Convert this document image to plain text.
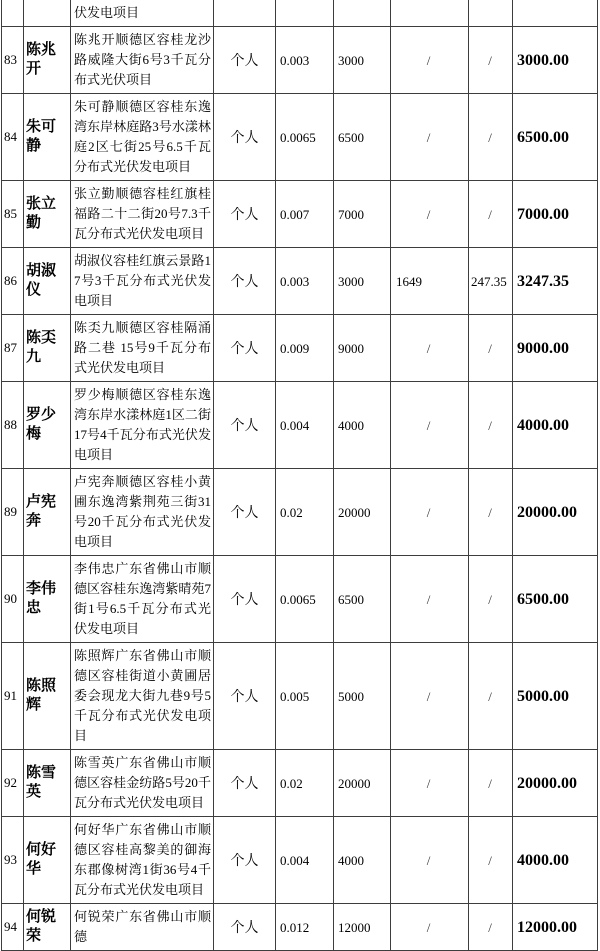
		伏发电项目						
83	陈兆开	陈兆开顺德区容桂龙沙路威隆大街6号3千瓦分布式光伏项目	个人	0.003	3000	/	/	3000.00
84	朱可静	朱可静顺德区容桂东逸湾东岸林庭路3号水漾林庭2区七街25号6.5千瓦分布式光伏发电项目	个人	0.0065	6500	/	/	6500.00
85	张立勤	张立勤顺德容桂红旗桂福路二十二街20号7.3千瓦分布式光伏发电项目	个人	0.007	7000	/	/	7000.00
86	胡淑仪	胡淑仪容桂红旗云景路17号3千瓦分布式光伏发电项目	个人	0.003	3000	1649	247.35	3247.35
87	陈奀九	陈奀九顺德区容桂隔涌路二巷 15号9千瓦分布式光伏发电项目	个人	0.009	9000	/	/	9000.00
88	罗少梅	罗少梅顺德区容桂东逸湾东岸水漾林庭1区二街17号4千瓦分布式光伏发电项目	个人	0.004	4000	/	/	4000.00
89	卢宪奔	卢宪奔顺德区容桂小黄圃东逸湾紫荆苑三街31号20千瓦分布式光伏发电项目	个人	0.02	20000	/	/	20000.00
90	李伟忠	李伟忠广东省佛山市顺德区容桂东逸湾紫晴苑7街1号6.5千瓦分布式光伏发电项目	个人	0.0065	6500	/	/	6500.00
91	陈照辉	陈照辉广东省佛山市顺德区容桂街道小黄圃居委会现龙大街九巷9号5千瓦分布式光伏发电项目	个人	0.005	5000	/	/	5000.00
92	陈雪英	陈雪英广东省佛山市顺德区容桂金纺路5号20千瓦分布式光伏发电项目	个人	0.02	20000	/	/	20000.00
93	何好华	何好华广东省佛山市顺德区容桂高黎美的御海东郡像树湾1街36号4千瓦分布式光伏发电项目	个人	0.004	4000	/	/	4000.00
94	何锐荣	何锐荣广东省佛山市顺德	个人	0.012	12000	/	/	12000.00
